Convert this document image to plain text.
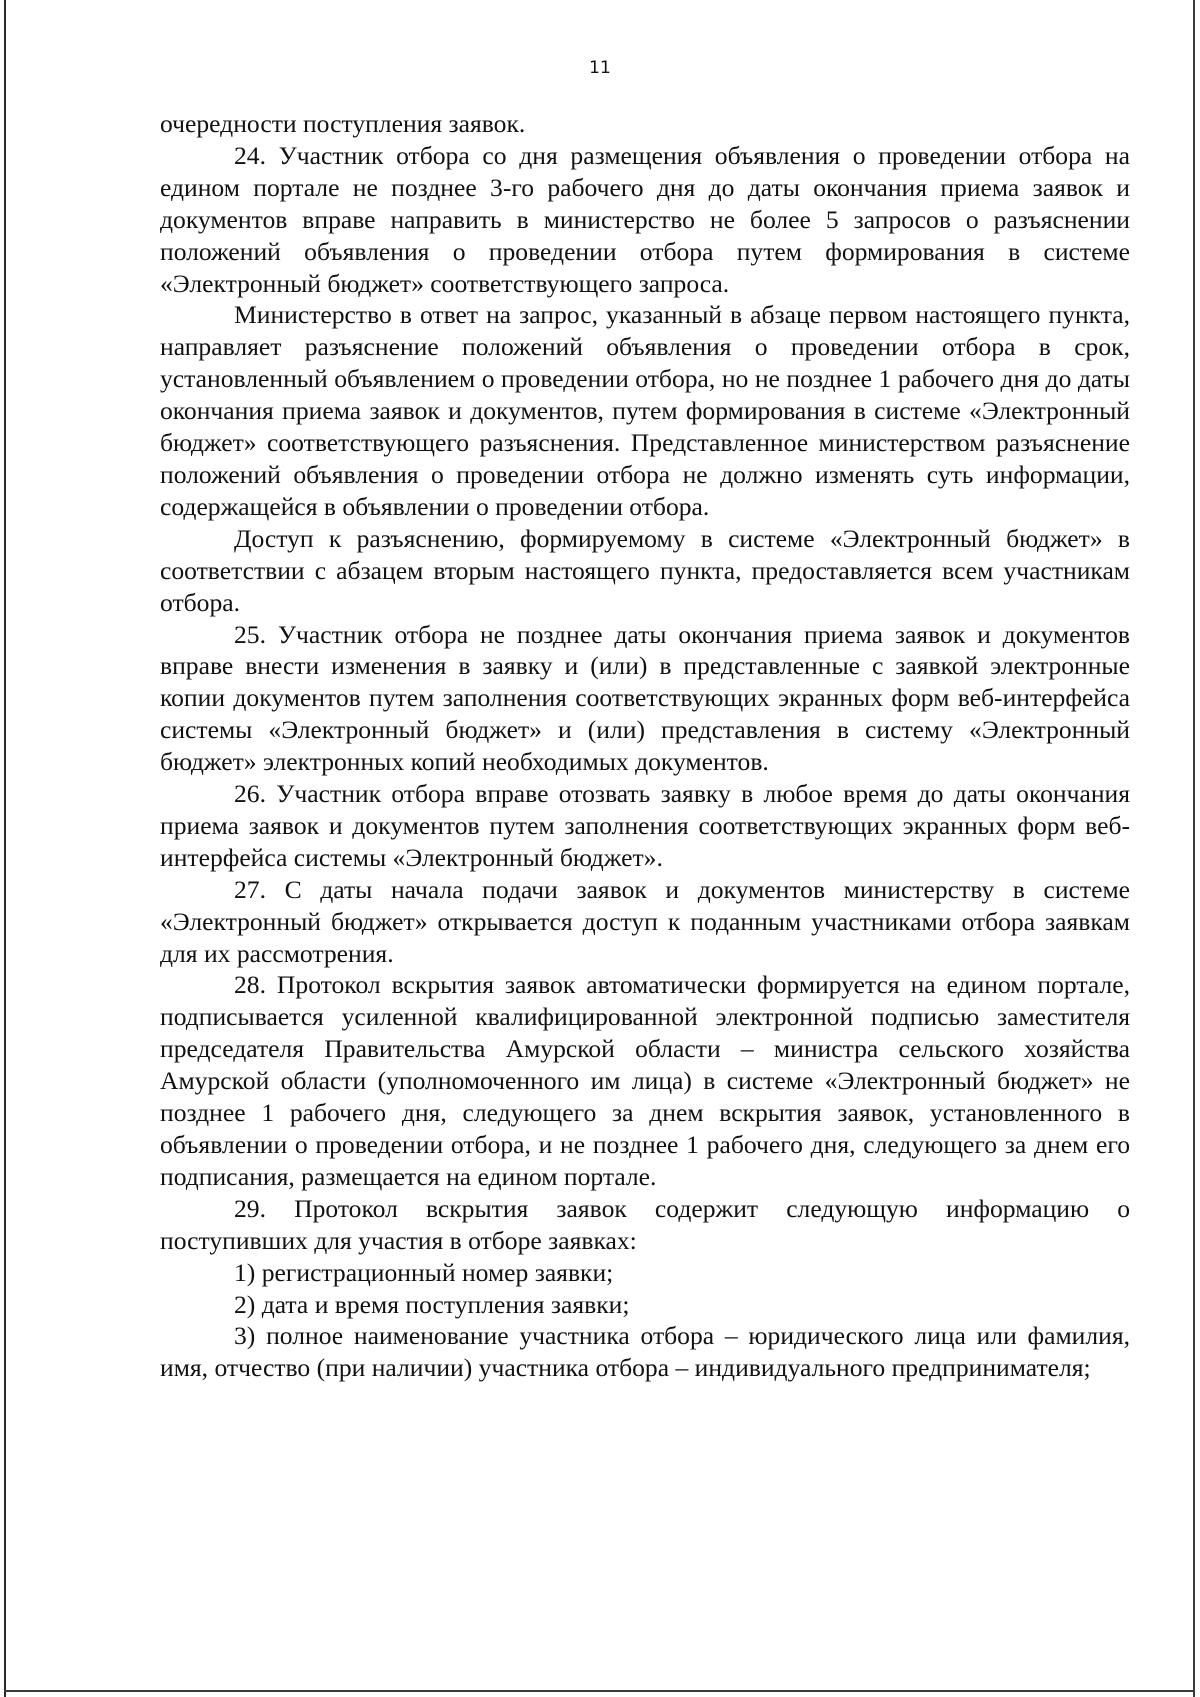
11

очередности поступления заявок.

24. Участник отбора со дня размещения объявления о проведении отбора на едином портале не позднее 3-го рабочего дня до даты окончания приема заявок и документов вправе направить в министерство не более 5 запросов о разъяснении положений объявления о проведении отбора путем формирования в системе «Электронный бюджет» соответствующего запроса.

Министерство в ответ на запрос, указанный в абзаце первом настоящего пункта, направляет разъяснение положений объявления о проведении отбора в срок, установленный объявлением о проведении отбора, но не позднее 1 рабочего дня до даты окончания приема заявок и документов, путем формирования в системе «Электронный бюджет» соответствующего разъяснения. Представленное министерством разъяснение положений объявления о проведении отбора не должно изменять суть информации, содержащейся в объявлении о проведении отбора.

Доступ к разъяснению, формируемому в системе «Электронный бюджет» в соответствии с абзацем вторым настоящего пункта, предоставляется всем участникам отбора.

25. Участник отбора не позднее даты окончания приема заявок и документов вправе внести изменения в заявку и (или) в представленные с заявкой электронные копии документов путем заполнения соответствующих экранных форм веб-интерфейса системы «Электронный бюджет» и (или) представления в систему «Электронный бюджет» электронных копий необходимых документов.

26. Участник отбора вправе отозвать заявку в любое время до даты окончания приема заявок и документов путем заполнения соответствующих экранных форм веб-интерфейса системы «Электронный бюджет».

27. С даты начала подачи заявок и документов министерству в системе «Электронный бюджет» открывается доступ к поданным участниками отбора заявкам для их рассмотрения.

28. Протокол вскрытия заявок автоматически формируется на едином портале, подписывается усиленной квалифицированной электронной подписью заместителя председателя Правительства Амурской области – министра сельского хозяйства Амурской области (уполномоченного им лица) в системе «Электронный бюджет» не позднее 1 рабочего дня, следующего за днем вскрытия заявок, установленного в объявлении о проведении отбора, и не позднее 1 рабочего дня, следующего за днем его подписания, размещается на едином портале.

29. Протокол вскрытия заявок содержит следующую информацию о поступивших для участия в отборе заявках:

1) регистрационный номер заявки;

2) дата и время поступления заявки;

3) полное наименование участника отбора – юридического лица или фамилия, имя, отчество (при наличии) участника отбора – индивидуального предпринимателя;
